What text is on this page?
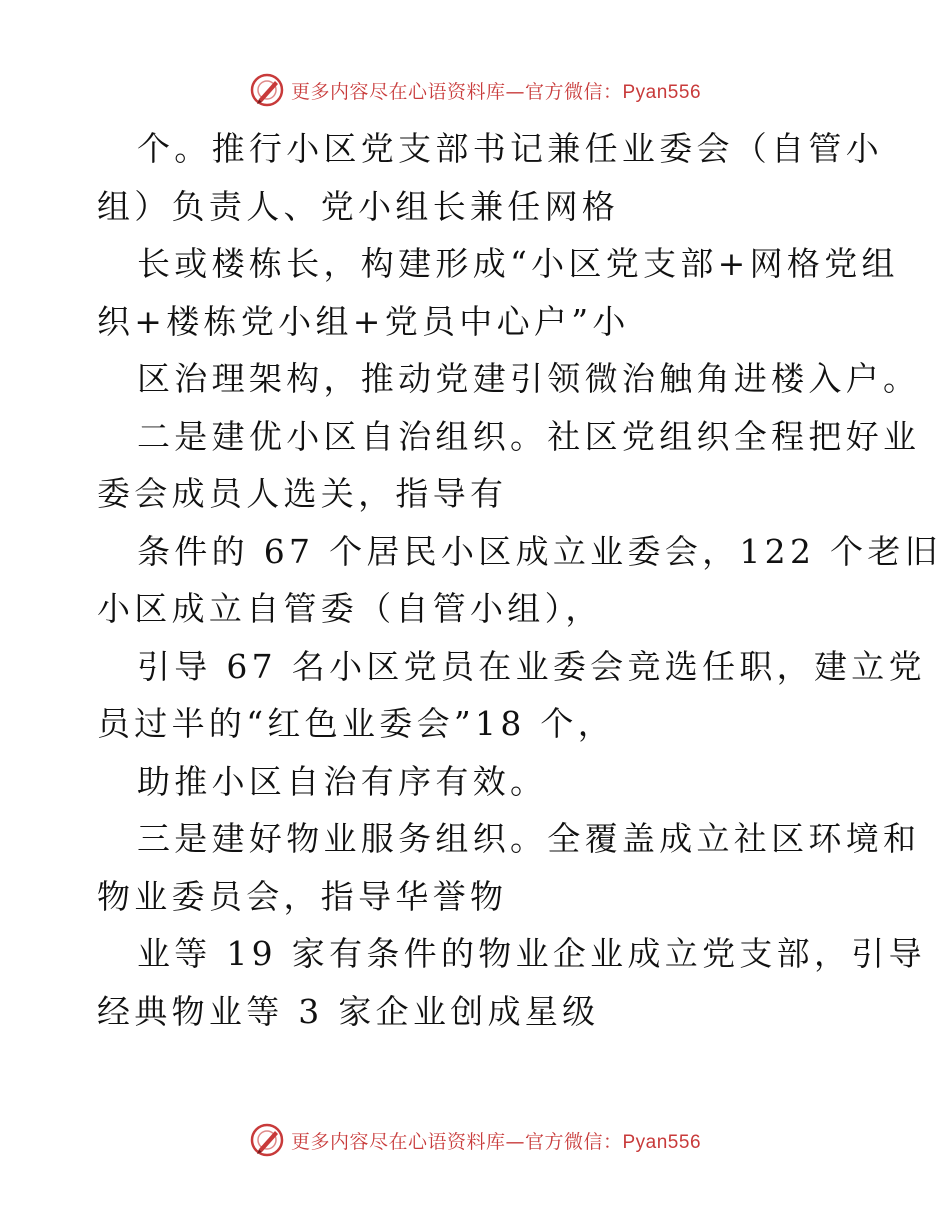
更多内容尽在心语资料库—官方微信：Pyan556

个。推行小区党支部书记兼任业委会（自管小

组）负责人、党小组长兼任网格

长或楼栋长，构建形成“小区党支部+网格党组

织+楼栋党小组+党员中心户”小

区治理架构，推动党建引领微治触角进楼入户。

二是建优小区自治组织。社区党组织全程把好业

委会成员人选关，指导有

条件的 67 个居民小区成立业委会，122 个老旧

小区成立自管委（自管小组），

引导 67 名小区党员在业委会竞选任职，建立党

员过半的“红色业委会”18 个，

助推小区自治有序有效。

三是建好物业服务组织。全覆盖成立社区环境和

物业委员会，指导华誉物

业等 19 家有条件的物业企业成立党支部，引导

经典物业等 3 家企业创成星级

更多内容尽在心语资料库—官方微信：Pyan556
